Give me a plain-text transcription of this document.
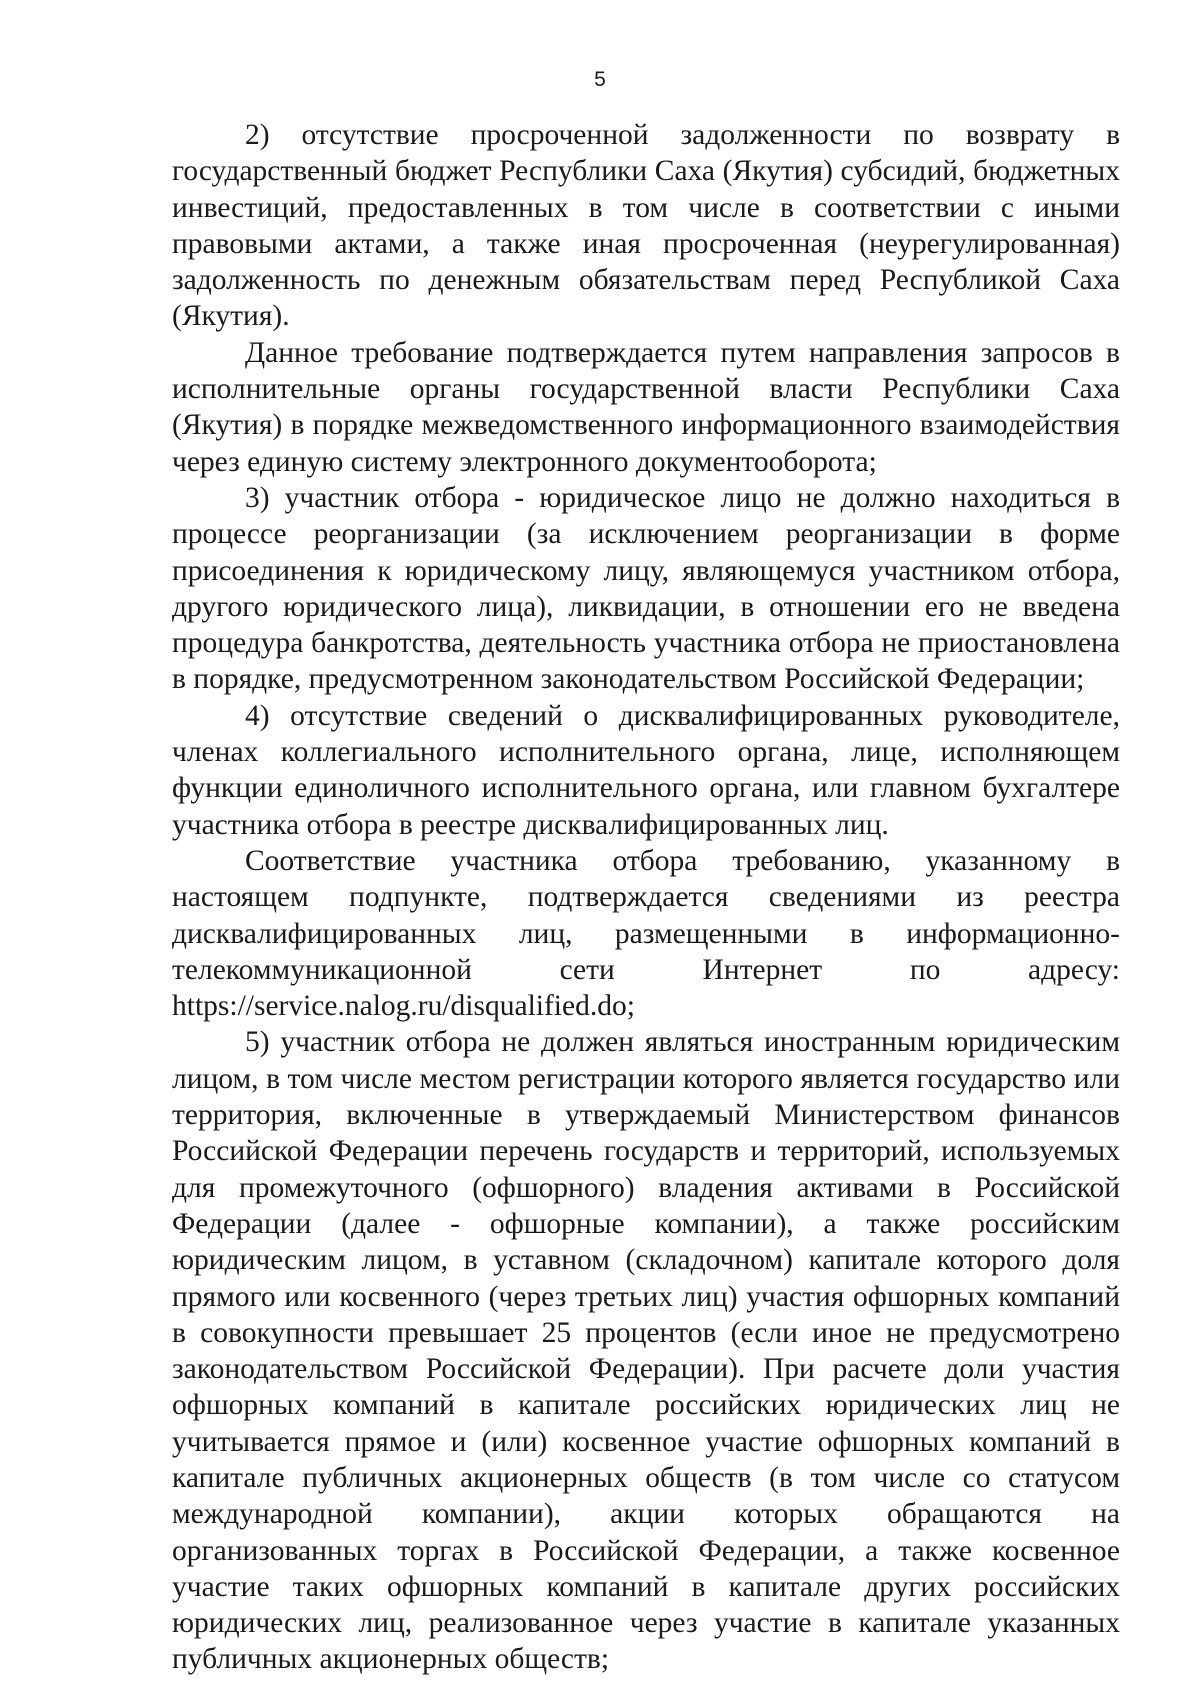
5

2) отсутствие просроченной задолженности по возврату в государственный бюджет Республики Саха (Якутия) субсидий, бюджетных инвестиций, предоставленных в том числе в соответствии с иными правовыми актами, а также иная просроченная (неурегулированная) задолженность по денежным обязательствам перед Республикой Саха (Якутия).

Данное требование подтверждается путем направления запросов в исполнительные органы государственной власти Республики Саха (Якутия) в порядке межведомственного информационного взаимодействия через единую систему электронного документооборота;

3) участник отбора - юридическое лицо не должно находиться в процессе реорганизации (за исключением реорганизации в форме присоединения к юридическому лицу, являющемуся участником отбора, другого юридического лица), ликвидации, в отношении его не введена процедура банкротства, деятельность участника отбора не приостановлена в порядке, предусмотренном законодательством Российской Федерации;

4) отсутствие сведений о дисквалифицированных руководителе, членах коллегиального исполнительного органа, лице, исполняющем функции единоличного исполнительного органа, или главном бухгалтере участника отбора в реестре дисквалифицированных лиц.

Соответствие участника отбора требованию, указанному в настоящем подпункте, подтверждается сведениями из реестра дисквалифицированных лиц, размещенными в информационно-телекоммуникационной сети Интернет по адресу: https://service.nalog.ru/disqualified.do;

5) участник отбора не должен являться иностранным юридическим лицом, в том числе местом регистрации которого является государство или территория, включенные в утверждаемый Министерством финансов Российской Федерации перечень государств и территорий, используемых для промежуточного (офшорного) владения активами в Российской Федерации (далее - офшорные компании), а также российским юридическим лицом, в уставном (складочном) капитале которого доля прямого или косвенного (через третьих лиц) участия офшорных компаний в совокупности превышает 25 процентов (если иное не предусмотрено законодательством Российской Федерации). При расчете доли участия офшорных компаний в капитале российских юридических лиц не учитывается прямое и (или) косвенное участие офшорных компаний в капитале публичных акционерных обществ (в том числе со статусом международной компании), акции которых обращаются на организованных торгах в Российской Федерации, а также косвенное участие таких офшорных компаний в капитале других российских юридических лиц, реализованное через участие в капитале указанных публичных акционерных обществ;
